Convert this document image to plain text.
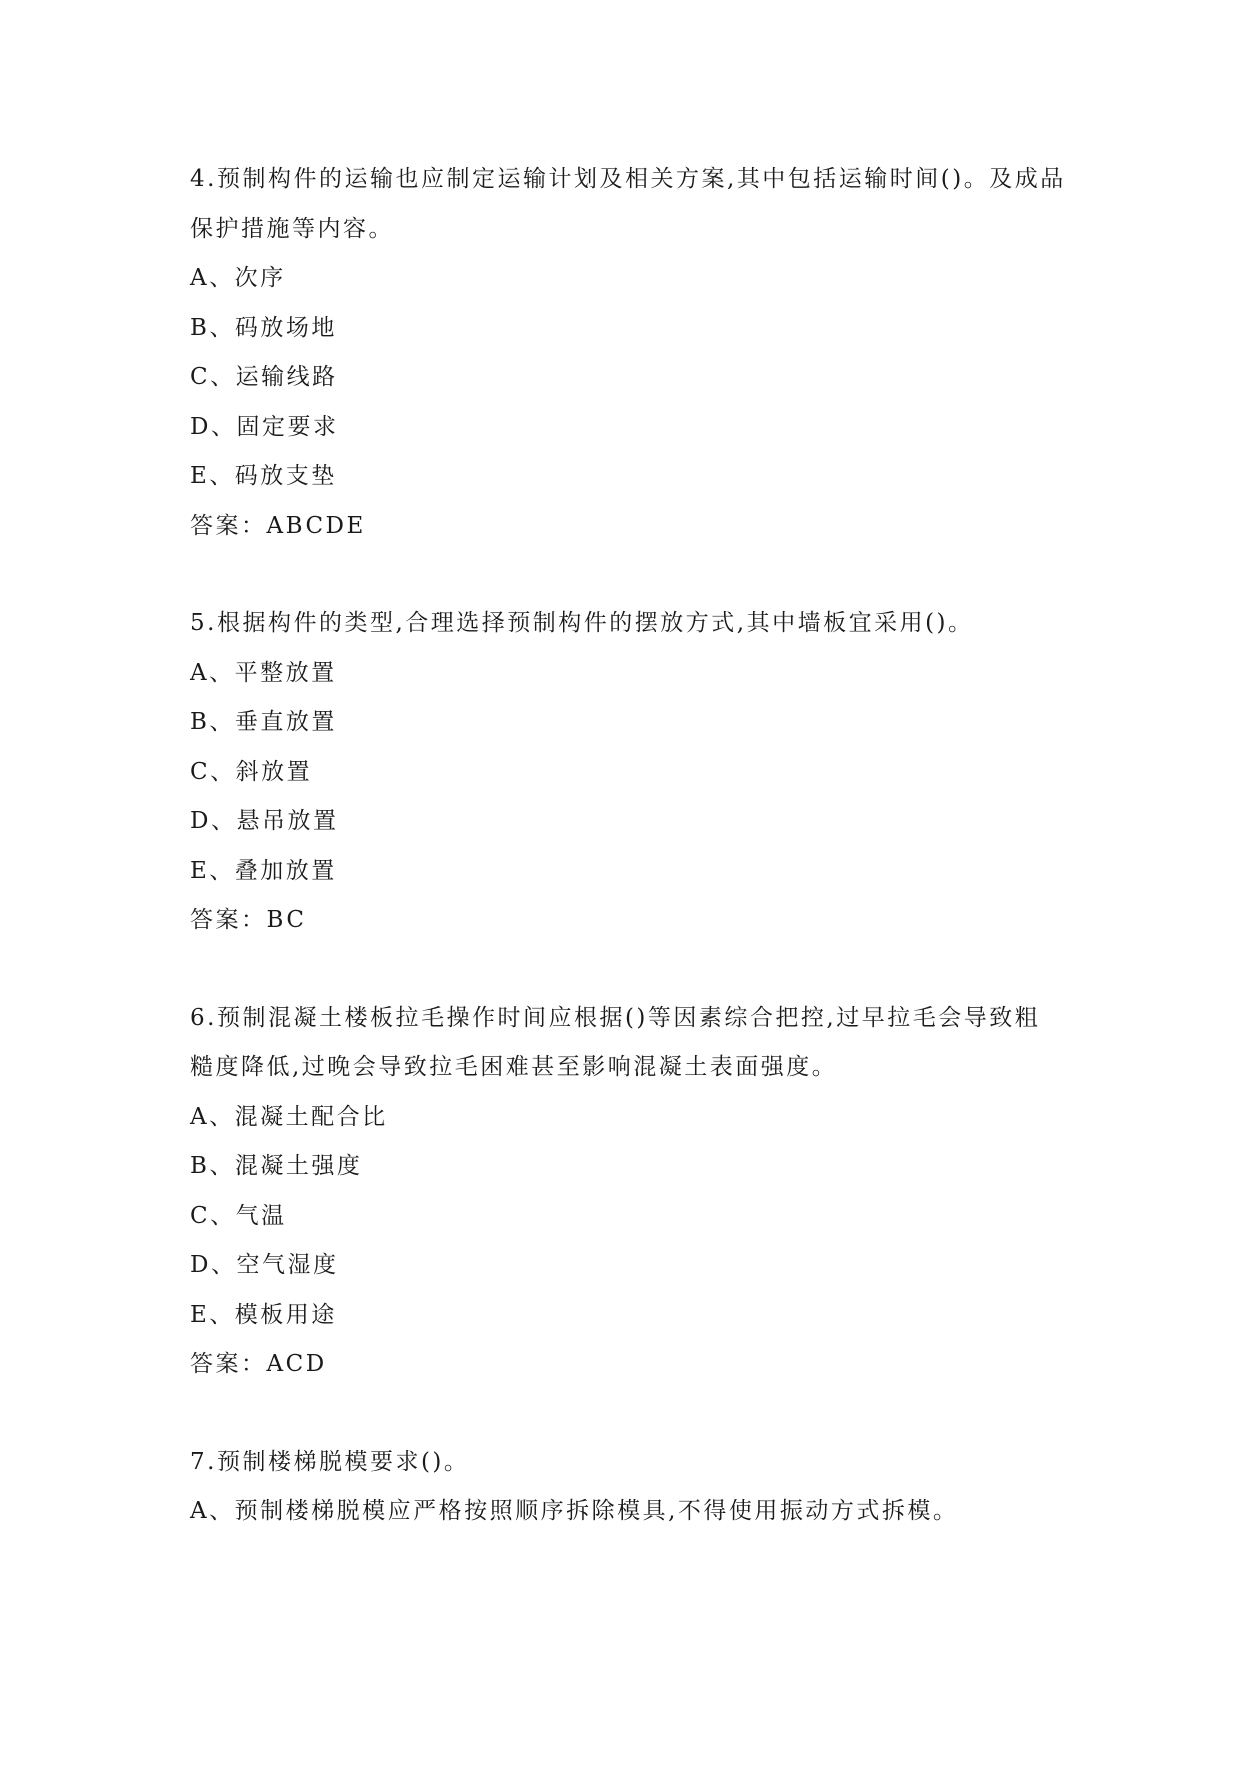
4.预制构件的运输也应制定运输计划及相关方案,其中包括运输时间()。及成品
保护措施等内容。
A、次序
B、码放场地
C、运输线路
D、固定要求
E、码放支垫
答案：ABCDE
5.根据构件的类型,合理选择预制构件的摆放方式,其中墙板宜采用()。
A、平整放置
B、垂直放置
C、斜放置
D、悬吊放置
E、叠加放置
答案：BC
6.预制混凝土楼板拉毛操作时间应根据()等因素综合把控,过早拉毛会导致粗
糙度降低,过晚会导致拉毛困难甚至影响混凝土表面强度。
A、混凝土配合比
B、混凝土强度
C、气温
D、空气湿度
E、模板用途
答案：ACD
7.预制楼梯脱模要求()。
A、预制楼梯脱模应严格按照顺序拆除模具,不得使用振动方式拆模。
